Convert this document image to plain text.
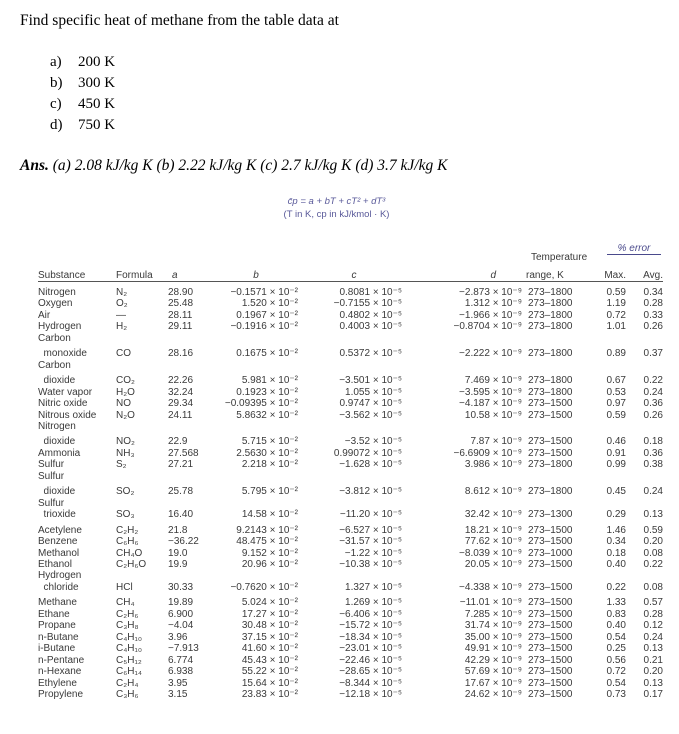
Find specific heat of methane from the table data at
a) 200 K
b) 300 K
c) 450 K
d) 750 K
Ans. (a) 2.08 kJ/kg K (b) 2.22 kJ/kg K (c) 2.7 kJ/kg K (d) 3.7 kJ/kg K
c̄p = a + bT + cT² + dT³
(T in K, cp in kJ/kmol · K)
% error
Temperature
Substance	Formula	a	b	c	d	range, K	Max.	Avg.
Nitrogen	N₂	28.90	−0.1571 × 10⁻²	0.8081 × 10⁻⁵	−2.873 × 10⁻⁹	273–1800	0.59	0.34
Oxygen	O₂	25.48	1.520 × 10⁻²	−0.7155 × 10⁻⁵	1.312 × 10⁻⁹	273–1800	1.19	0.28
Air	—	28.11	0.1967 × 10⁻²	0.4802 × 10⁻⁵	−1.966 × 10⁻⁹	273–1800	0.72	0.33
Hydrogen	H₂	29.11	−0.1916 × 10⁻²	0.4003 × 10⁻⁵	−0.8704 × 10⁻⁹	273–1800	1.01	0.26
Carbon								
monoxide	CO	28.16	0.1675 × 10⁻²	0.5372 × 10⁻⁵	−2.222 × 10⁻⁹	273–1800	0.89	0.37
Carbon								
dioxide	CO₂	22.26	5.981 × 10⁻²	−3.501 × 10⁻⁵	7.469 × 10⁻⁹	273–1800	0.67	0.22
Water vapor	H₂O	32.24	0.1923 × 10⁻²	1.055 × 10⁻⁵	−3.595 × 10⁻⁹	273–1800	0.53	0.24
Nitric oxide	NO	29.34	−0.09395 × 10⁻²	0.9747 × 10⁻⁵	−4.187 × 10⁻⁹	273–1500	0.97	0.36
Nitrous oxide	N₂O	24.11	5.8632 × 10⁻²	−3.562 × 10⁻⁵	10.58 × 10⁻⁹	273–1500	0.59	0.26
Nitrogen								
dioxide	NO₂	22.9	5.715 × 10⁻²	−3.52 × 10⁻⁵	7.87 × 10⁻⁹	273–1500	0.46	0.18
Ammonia	NH₃	27.568	2.5630 × 10⁻²	0.99072 × 10⁻⁵	−6.6909 × 10⁻⁹	273–1500	0.91	0.36
Sulfur	S₂	27.21	2.218 × 10⁻²	−1.628 × 10⁻⁵	3.986 × 10⁻⁹	273–1800	0.99	0.38
Sulfur								
dioxide	SO₂	25.78	5.795 × 10⁻²	−3.812 × 10⁻⁵	8.612 × 10⁻⁹	273–1800	0.45	0.24
Sulfur								
trioxide	SO₃	16.40	14.58 × 10⁻²	−11.20 × 10⁻⁵	32.42 × 10⁻⁹	273–1300	0.29	0.13
Acetylene	C₂H₂	21.8	9.2143 × 10⁻²	−6.527 × 10⁻⁵	18.21 × 10⁻⁹	273–1500	1.46	0.59
Benzene	C₆H₆	−36.22	48.475 × 10⁻²	−31.57 × 10⁻⁵	77.62 × 10⁻⁹	273–1500	0.34	0.20
Methanol	CH₄O	19.0	9.152 × 10⁻²	−1.22 × 10⁻⁵	−8.039 × 10⁻⁹	273–1000	0.18	0.08
Ethanol	C₂H₆O	19.9	20.96 × 10⁻²	−10.38 × 10⁻⁵	20.05 × 10⁻⁹	273–1500	0.40	0.22
Hydrogen								
chloride	HCl	30.33	−0.7620 × 10⁻²	1.327 × 10⁻⁵	−4.338 × 10⁻⁹	273–1500	0.22	0.08
Methane	CH₄	19.89	5.024 × 10⁻²	1.269 × 10⁻⁵	−11.01 × 10⁻⁹	273–1500	1.33	0.57
Ethane	C₂H₆	6.900	17.27 × 10⁻²	−6.406 × 10⁻⁵	7.285 × 10⁻⁹	273–1500	0.83	0.28
Propane	C₃H₈	−4.04	30.48 × 10⁻²	−15.72 × 10⁻⁵	31.74 × 10⁻⁹	273–1500	0.40	0.12
n-Butane	C₄H₁₀	3.96	37.15 × 10⁻²	−18.34 × 10⁻⁵	35.00 × 10⁻⁹	273–1500	0.54	0.24
i-Butane	C₄H₁₀	−7.913	41.60 × 10⁻²	−23.01 × 10⁻⁵	49.91 × 10⁻⁹	273–1500	0.25	0.13
n-Pentane	C₅H₁₂	6.774	45.43 × 10⁻²	−22.46 × 10⁻⁵	42.29 × 10⁻⁹	273–1500	0.56	0.21
n-Hexane	C₆H₁₄	6.938	55.22 × 10⁻²	−28.65 × 10⁻⁵	57.69 × 10⁻⁹	273–1500	0.72	0.20
Ethylene	C₂H₄	3.95	15.64 × 10⁻²	−8.344 × 10⁻⁵	17.67 × 10⁻⁹	273–1500	0.54	0.13
Propylene	C₃H₆	3.15	23.83 × 10⁻²	−12.18 × 10⁻⁵	24.62 × 10⁻⁹	273–1500	0.73	0.17
